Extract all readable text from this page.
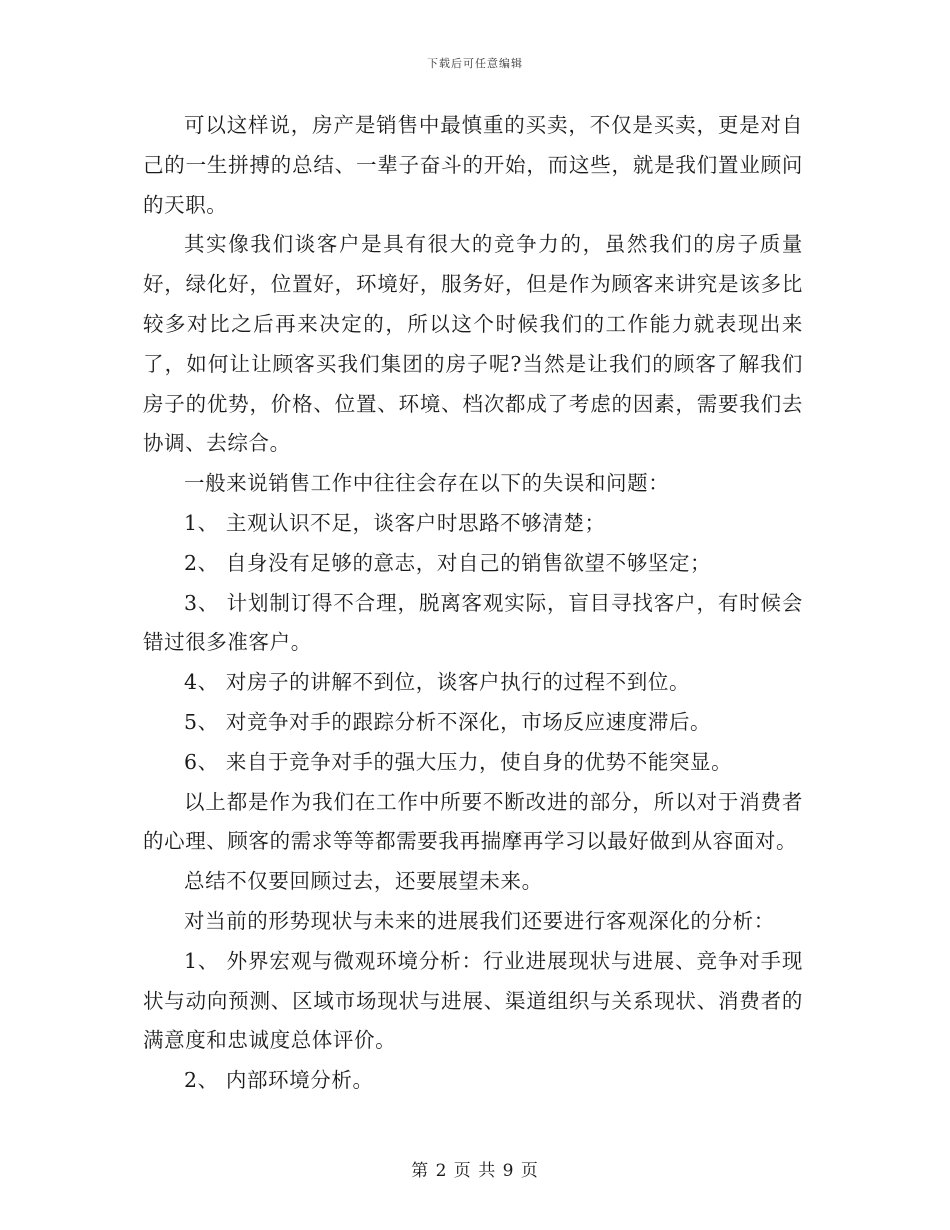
下载后可任意编辑

可以这样说，房产是销售中最慎重的买卖，不仅是买卖，更是对自己的一生拼搏的总结、一辈子奋斗的开始，而这些，就是我们置业顾问的天职。

其实像我们谈客户是具有很大的竞争力的，虽然我们的房子质量好，绿化好，位置好，环境好，服务好，但是作为顾客来讲究是该多比较多对比之后再来决定的，所以这个时候我们的工作能力就表现出来了，如何让让顾客买我们集团的房子呢?当然是让我们的顾客了解我们房子的优势，价格、位置、环境、档次都成了考虑的因素，需要我们去协调、去综合。

一般来说销售工作中往往会存在以下的失误和问题：

1、 主观认识不足，谈客户时思路不够清楚；

2、 自身没有足够的意志，对自己的销售欲望不够坚定；

3、 计划制订得不合理，脱离客观实际，盲目寻找客户，有时候会错过很多准客户。

4、 对房子的讲解不到位，谈客户执行的过程不到位。

5、 对竞争对手的跟踪分析不深化，市场反应速度滞后。

6、 来自于竞争对手的强大压力，使自身的优势不能突显。

以上都是作为我们在工作中所要不断改进的部分，所以对于消费者的心理、顾客的需求等等都需要我再揣摩再学习以最好做到从容面对。

总结不仅要回顾过去，还要展望未来。

对当前的形势现状与未来的进展我们还要进行客观深化的分析：

1、 外界宏观与微观环境分析：行业进展现状与进展、竞争对手现状与动向预测、区域市场现状与进展、渠道组织与关系现状、消费者的满意度和忠诚度总体评价。

2、 内部环境分析。

第 2 页 共 9 页
